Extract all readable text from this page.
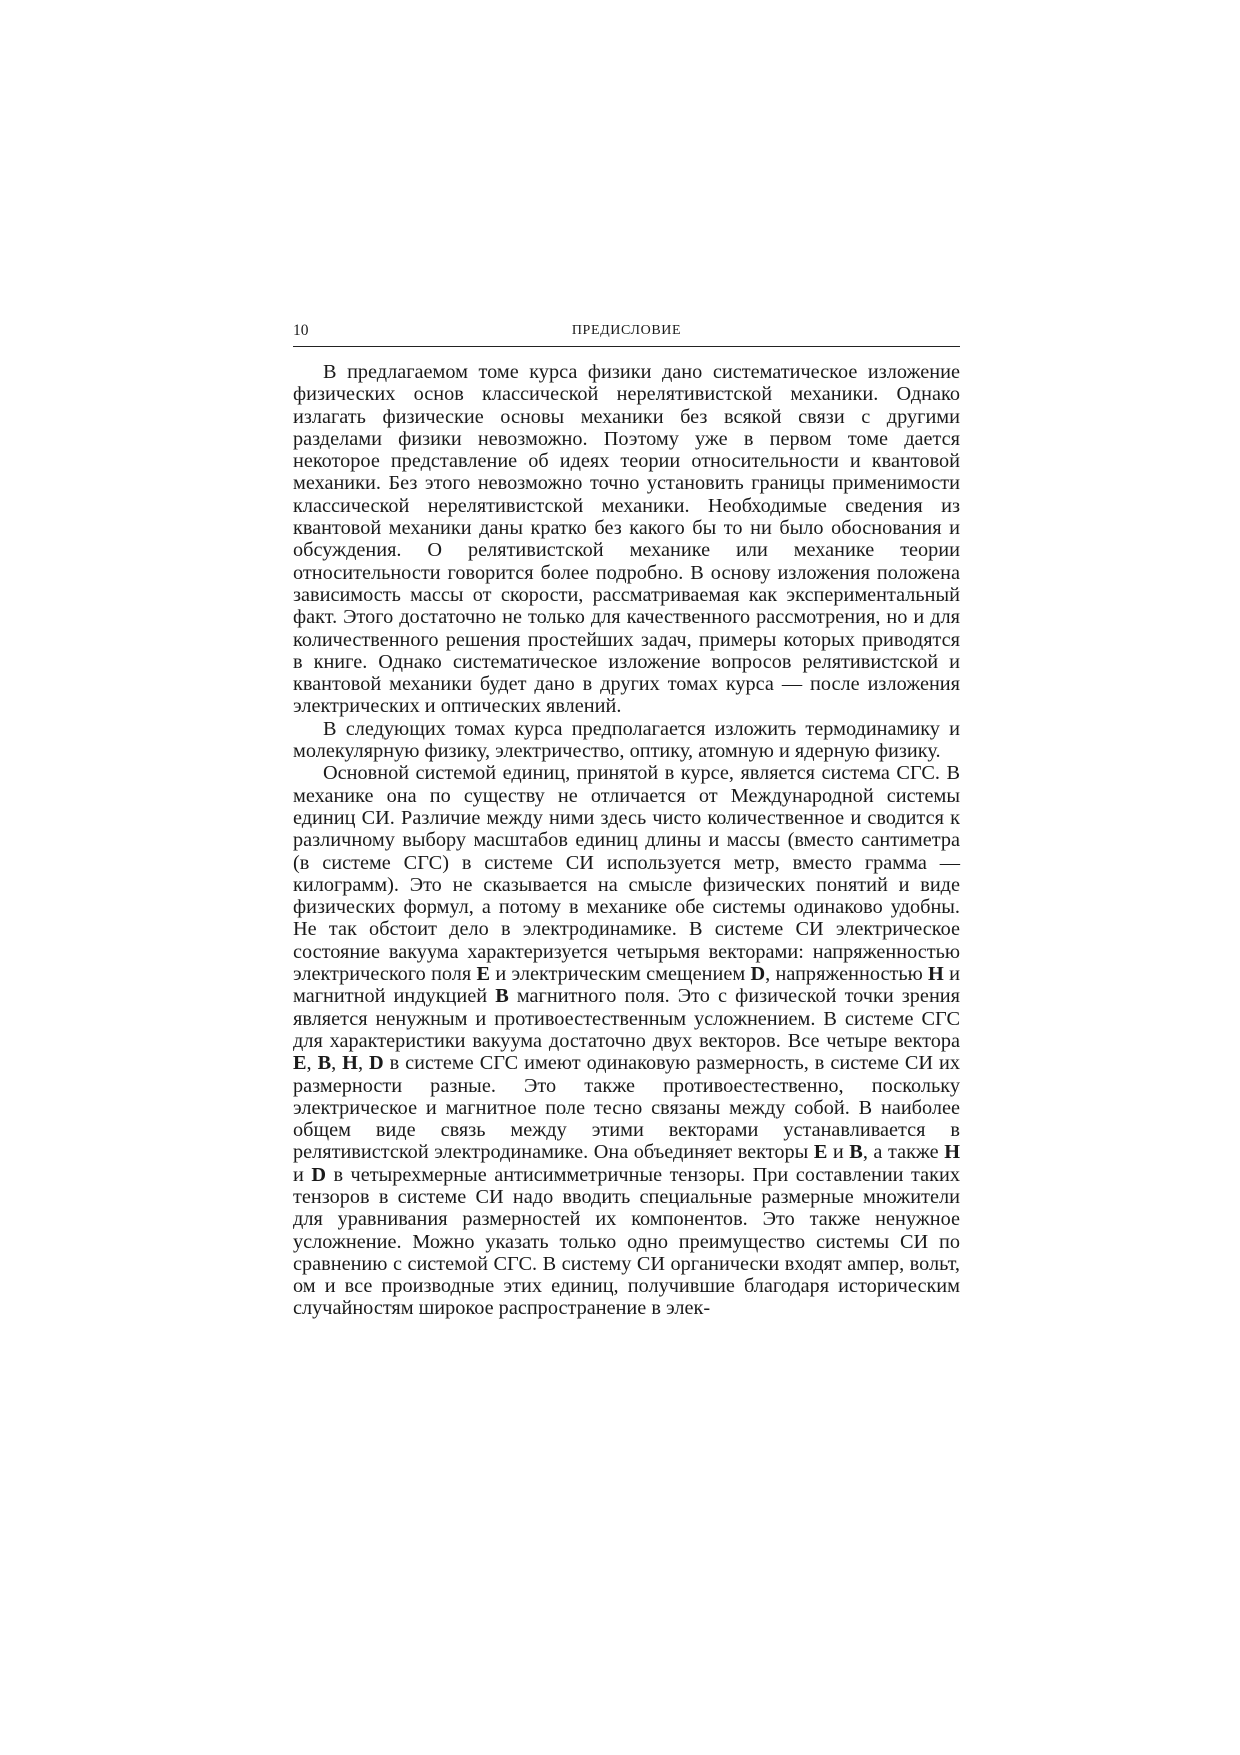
10	ПРЕДИСЛОВИЕ

В предлагаемом томе курса физики дано систематическое изложение физических основ классической нерелятивистской механики. Однако излагать физические основы механики без всякой связи с другими разделами физики невозможно. Поэтому уже в первом томе дается некоторое представление об идеях теории относительности и квантовой механики. Без этого невозможно точно установить границы применимости классической нерелятивистской механики. Необходимые сведения из квантовой механики даны кратко без какого бы то ни было обоснования и обсуждения. О релятивистской механике или механике теории относительности говорится более подробно. В основу изложения положена зависимость массы от скорости, рассматриваемая как экспериментальный факт. Этого достаточно не только для качественного рассмотрения, но и для количественного решения простейших задач, примеры которых приводятся в книге. Однако систематическое изложение вопросов релятивистской и квантовой механики будет дано в других томах курса — после изложения электрических и оптических явлений.

В следующих томах курса предполагается изложить термодинамику и молекулярную физику, электричество, оптику, атомную и ядерную физику.

Основной системой единиц, принятой в курсе, является система СГС. В механике она по существу не отличается от Международной системы единиц СИ. Различие между ними здесь чисто количественное и сводится к различному выбору масштабов единиц длины и массы (вместо сантиметра (в системе СГС) в системе СИ используется метр, вместо грамма — килограмм). Это не сказывается на смысле физических понятий и виде физических формул, а потому в механике обе системы одинаково удобны. Не так обстоит дело в электродинамике. В системе СИ электрическое состояние вакуума характеризуется четырьмя векторами: напряженностью электрического поля E и электрическим смещением D, напряженностью H и магнитной индукцией B магнитного поля. Это с физической точки зрения является ненужным и противоестественным усложнением. В системе СГС для характеристики вакуума достаточно двух векторов. Все четыре вектора E, B, H, D в системе СГС имеют одинаковую размерность, в системе СИ их размерности разные. Это также противоестественно, поскольку электрическое и магнитное поле тесно связаны между собой. В наиболее общем виде связь между этими векторами устанавливается в релятивистской электродинамике. Она объединяет векторы E и B, а также H и D в четырехмерные антисимметричные тензоры. При составлении таких тензоров в системе СИ надо вводить специальные размерные множители для уравнивания размерностей их компонентов. Это также ненужное усложнение. Можно указать только одно преимущество системы СИ по сравнению с системой СГС. В систему СИ органически входят ампер, вольт, ом и все производные этих единиц, получившие благодаря историческим случайностям широкое распространение в элек-
